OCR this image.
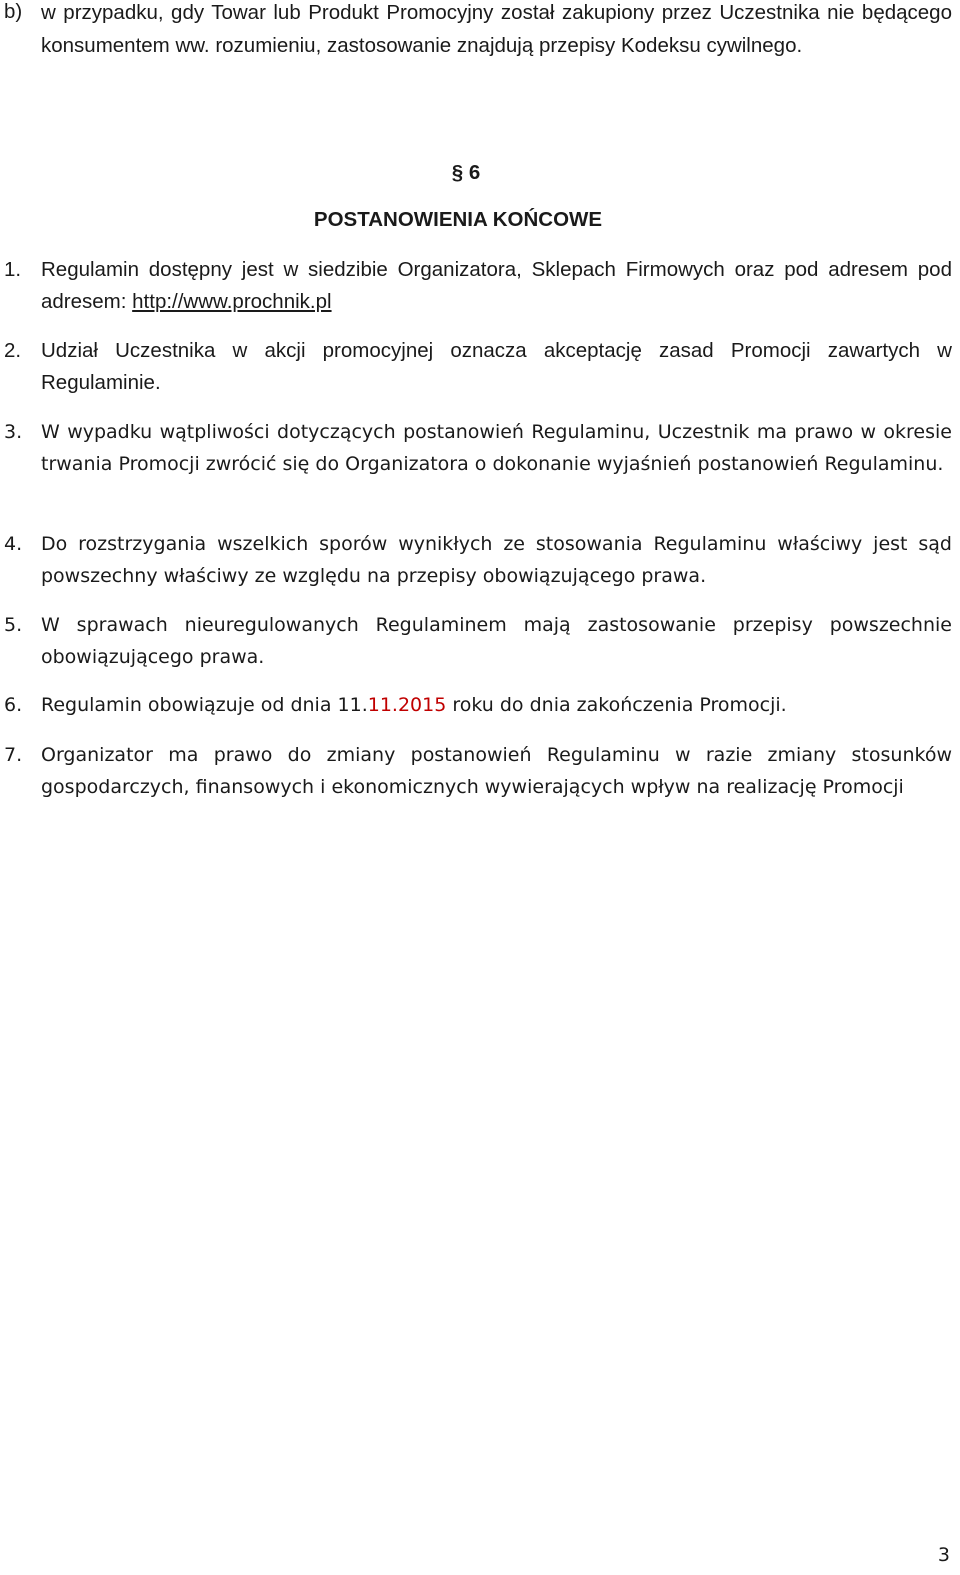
b) w przypadku, gdy Towar lub Produkt Promocyjny został zakupiony przez Uczestnika nie będącego konsumentem ww. rozumieniu, zastosowanie znajdują przepisy Kodeksu cywilnego.
§ 6
POSTANOWIENIA KOŃCOWE
1. Regulamin dostępny jest w siedzibie Organizatora, Sklepach Firmowych oraz pod adresem pod adresem: http://www.prochnik.pl
2. Udział Uczestnika w akcji promocyjnej oznacza akceptację zasad Promocji zawartych w Regulaminie.
3. W wypadku wątpliwości dotyczących postanowień Regulaminu, Uczestnik ma prawo w okresie trwania Promocji zwrócić się do Organizatora o dokonanie wyjaśnień postanowień Regulaminu.
4. Do rozstrzygania wszelkich sporów wynikłych ze stosowania Regulaminu właściwy jest sąd powszechny właściwy ze względu na przepisy obowiązującego prawa.
5. W sprawach nieuregulowanych Regulaminem mają zastosowanie przepisy powszechnie obowiązującego prawa.
6. Regulamin obowiązuje od dnia 11.11.2015 roku do dnia zakończenia Promocji.
7. Organizator ma prawo do zmiany postanowień Regulaminu w razie zmiany stosunków gospodarczych, finansowych i ekonomicznych wywierających wpływ na realizację Promocji
3
